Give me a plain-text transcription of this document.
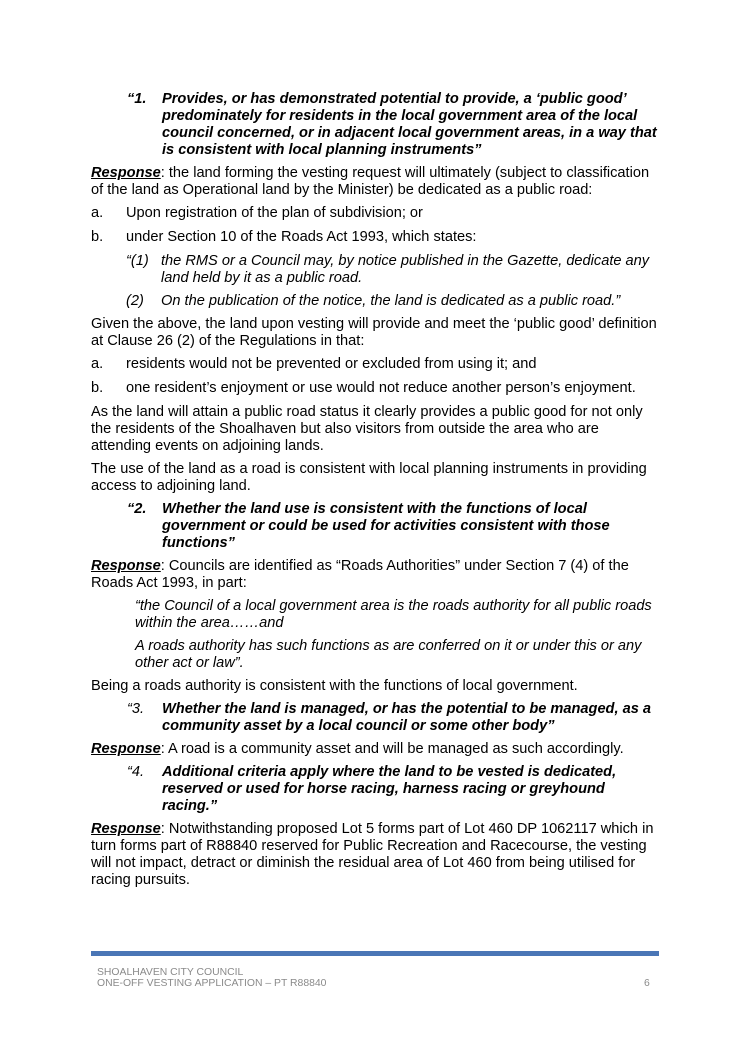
“1.	Provides, or has demonstrated potential to provide, a ‘public good’ predominately for residents in the local government area of the local council concerned, or in adjacent local government areas, in a way that is consistent with local planning instruments”

Response: the land forming the vesting request will ultimately (subject to classification of the land as Operational land by the Minister) be dedicated as a public road:

a.	Upon registration of the plan of subdivision; or
b.	under Section 10 of the Roads Act 1993, which states:
“(1) the RMS or a Council may, by notice published in the Gazette, dedicate any land held by it as a public road.
(2)	On the publication of the notice, the land is dedicated as a public road.”

Given the above, the land upon vesting will provide and meet the ‘public good’ definition at Clause 26 (2) of the Regulations in that:

a.	residents would not be prevented or excluded from using it; and
b.	one resident’s enjoyment or use would not reduce another person’s enjoyment.

As the land will attain a public road status it clearly provides a public good for not only the residents of the Shoalhaven but also visitors from outside the area who are attending events on adjoining lands.

The use of the land as a road is consistent with local planning instruments in providing access to adjoining land.

“2.	Whether the land use is consistent with the functions of local government or could be used for activities consistent with those functions”

Response: Councils are identified as “Roads Authorities” under Section 7 (4) of the Roads Act 1993, in part:

“the Council of a local government area is the roads authority for all public roads within the area……and

A roads authority has such functions as are conferred on it or under this or any other act or law”.

Being a roads authority is consistent with the functions of local government.

“3.	Whether the land is managed, or has the potential to be managed, as a community asset by a local council or some other body”

Response: A road is a community asset and will be managed as such accordingly.

“4.	Additional criteria apply where the land to be vested is dedicated, reserved or used for horse racing, harness racing or greyhound racing.”

Response: Notwithstanding proposed Lot 5 forms part of Lot 460 DP 1062117 which in turn forms part of R88840 reserved for Public Recreation and Racecourse, the vesting will not impact, detract or diminish the residual area of Lot 460 from being utilised for racing pursuits.

SHOALHAVEN CITY COUNCIL
ONE-OFF VESTING APPLICATION – PT R88840	6
